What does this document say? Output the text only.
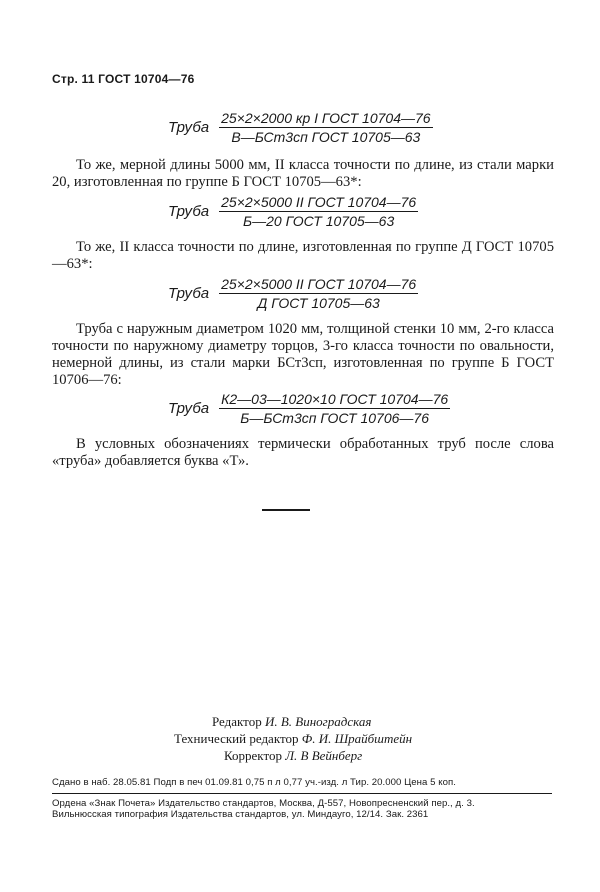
Стр. 11 ГОСТ 10704—76
Труба $\frac{\text{25×2×2000 кр I ГОСТ 10704—76}}{\text{В—БСт3сп ГОСТ 10705—63}}$
То же, мерной длины 5000 мм, II класса точности по длине, из стали марки 20, изготовленная по группе Б ГОСТ 10705—63*:
Труба $\frac{\text{25×2×5000 II ГОСТ 10704—76}}{\text{Б—20 ГОСТ 10705—63}}$
То же, II класса точности по длине, изготовленная по группе Д ГОСТ 10705—63*:
Труба $\frac{\text{25×2×5000 II ГОСТ 10704—76}}{\text{Д ГОСТ 10705—63}}$
Труба с наружным диаметром 1020 мм, толщиной стенки 10 мм, 2-го класса точности по наружному диаметру торцов, 3-го класса точности по овальности, немерной длины, из стали марки БСт3сп, изготовленная по группе Б ГОСТ 10706—76:
Труба $\frac{\text{К2—03—1020×10 ГОСТ 10704—76}}{\text{Б—БСт3сп ГОСТ 10706—76}}$
В условных обозначениях термически обработанных труб после слова «труба» добавляется буква «Т».
Редактор И. В. Виноградская
Технический редактор Ф. И. Шрайбштейн
Корректор Л. В Вейнберг
Сдано в наб. 28.05.81 Подп в печ 01.09.81 0,75 п л 0,77 уч.-изд. л Тир. 20.000 Цена 5 коп.
Ордена «Знак Почета» Издательство стандартов, Москва, Д-557, Новопресненский пер., д. 3.
Вильнюсская типография Издательства стандартов, ул. Миндауго, 12/14. Зак. 2361
